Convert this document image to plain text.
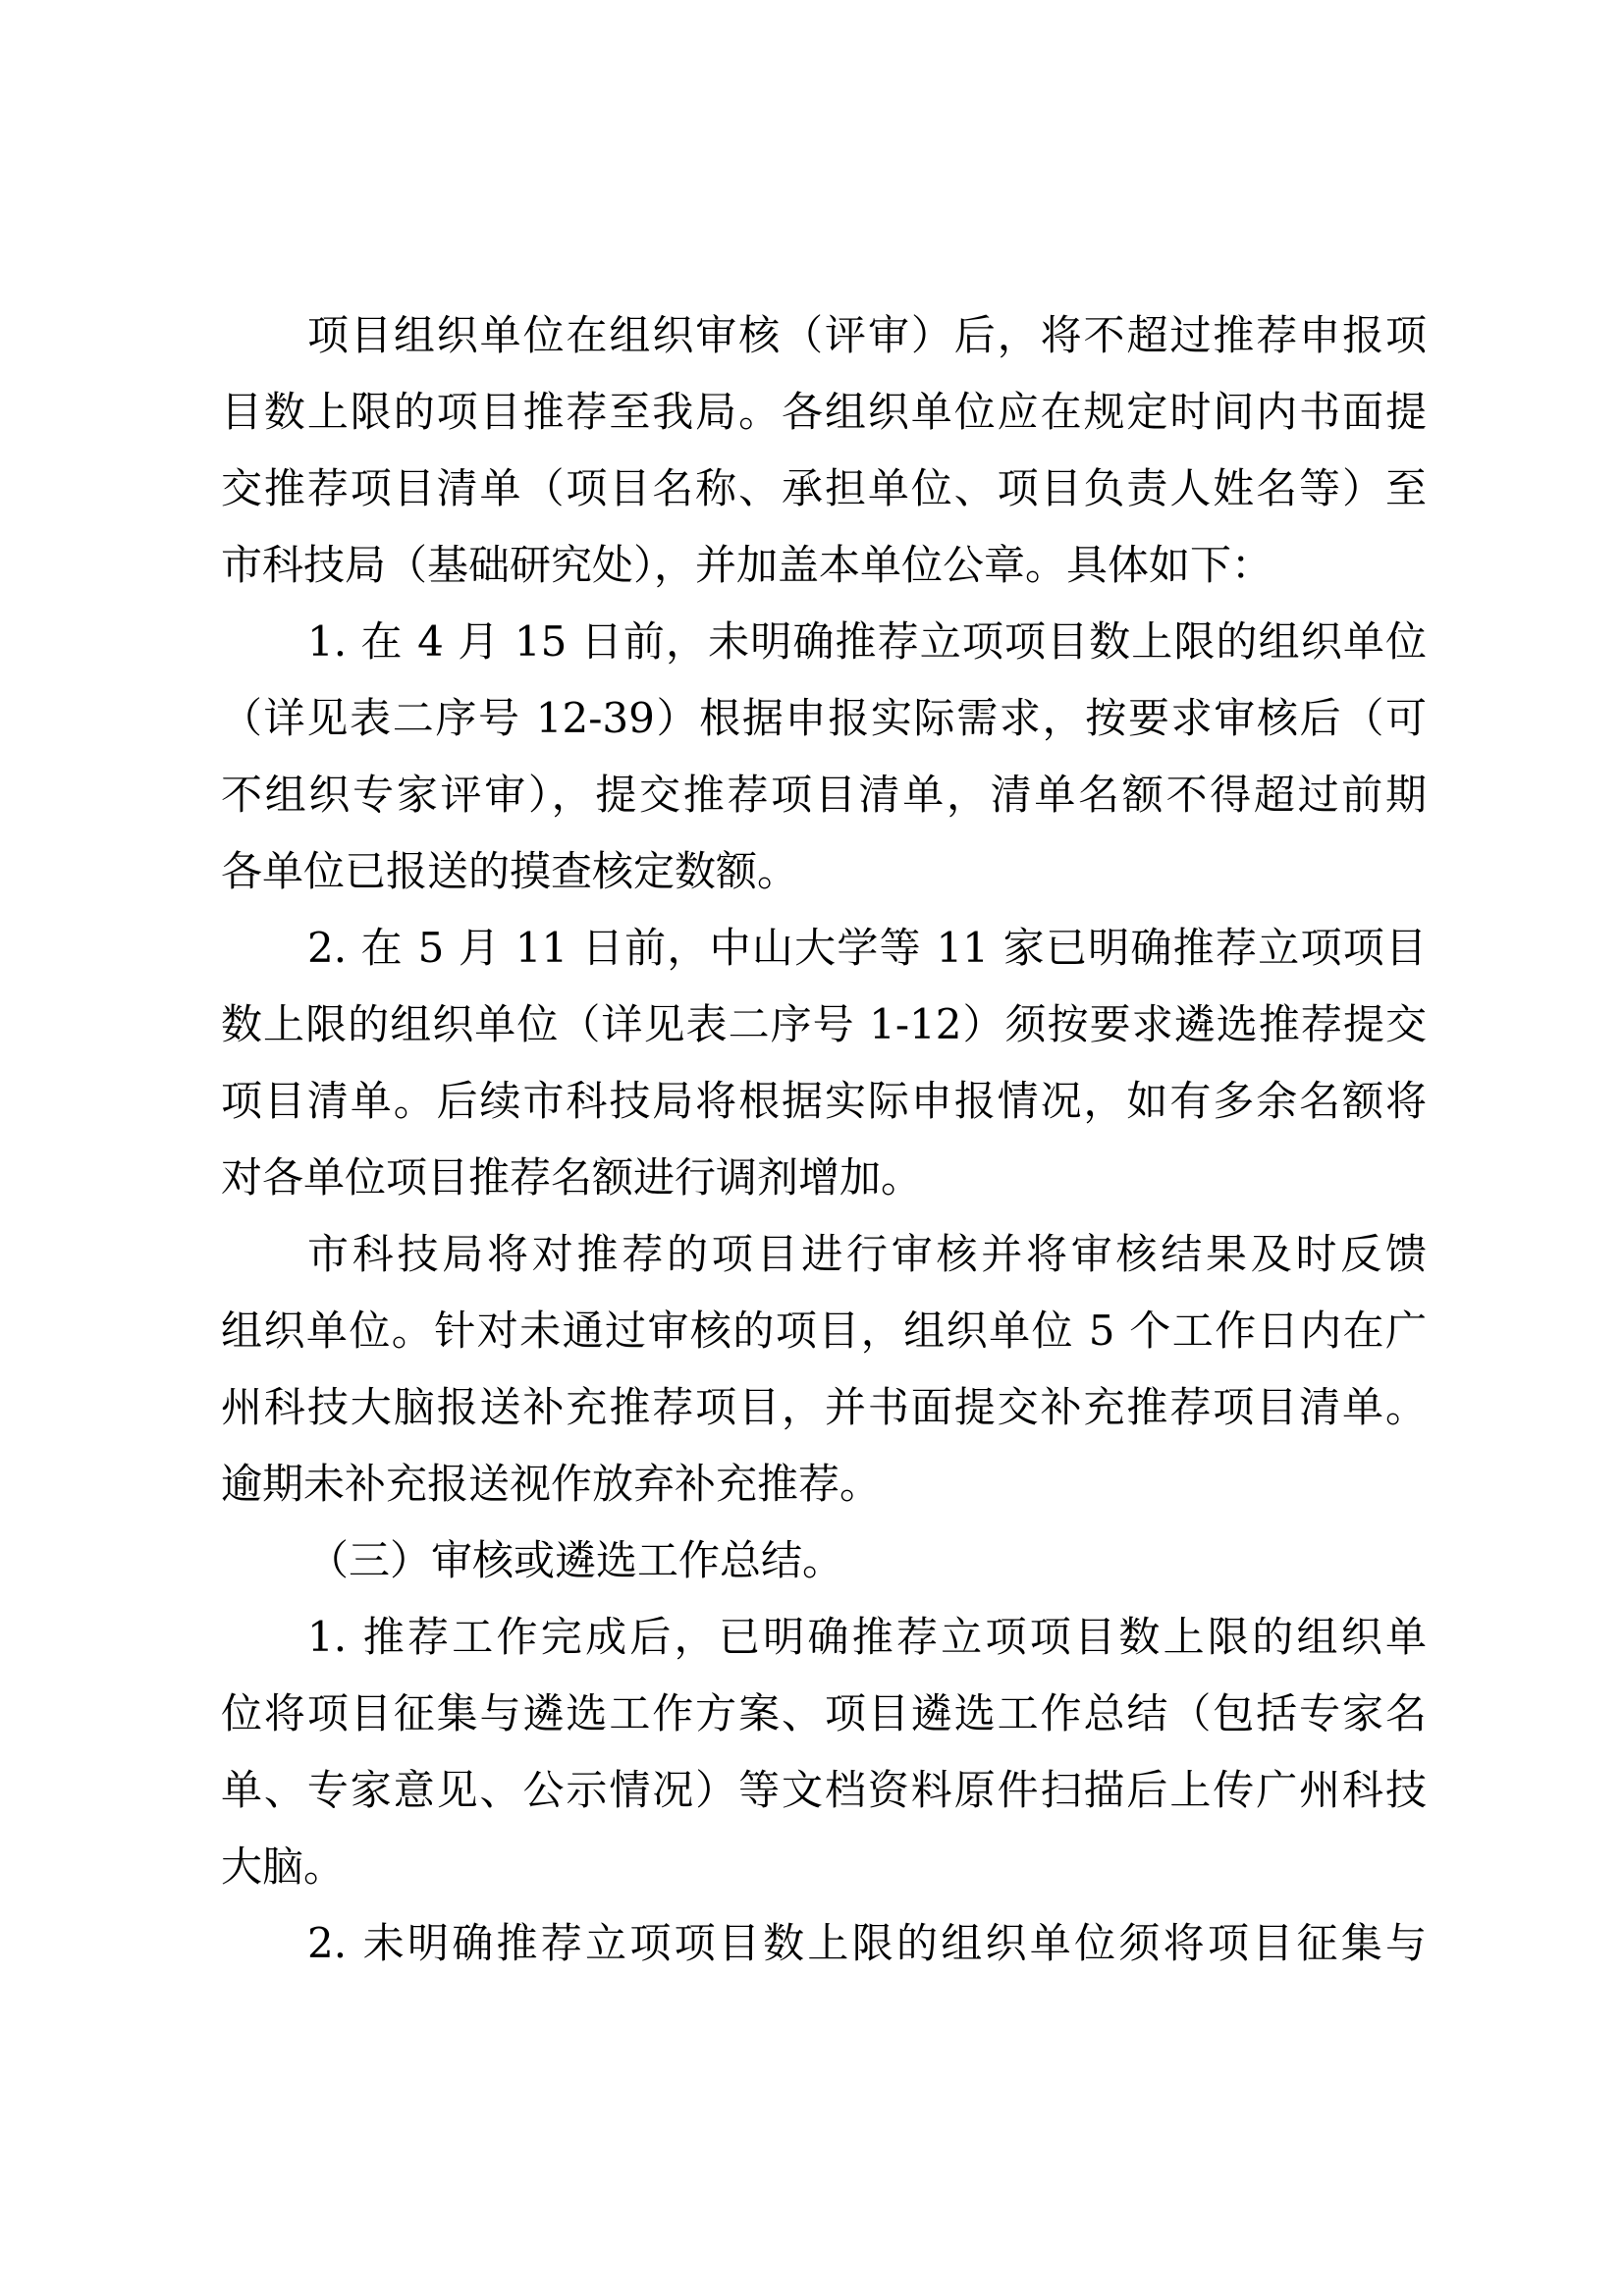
项目组织单位在组织审核（评审）后，将不超过推荐申报项
目数上限的项目推荐至我局。各组织单位应在规定时间内书面提
交推荐项目清单（项目名称、承担单位、项目负责人姓名等）至
市科技局（基础研究处），并加盖本单位公章。具体如下：
1. 在 4 月 15 日前，未明确推荐立项项目数上限的组织单位
（详见表二序号 12-39）根据申报实际需求，按要求审核后（可
不组织专家评审），提交推荐项目清单，清单名额不得超过前期
各单位已报送的摸查核定数额。
2. 在 5 月 11 日前，中山大学等 11 家已明确推荐立项项目
数上限的组织单位（详见表二序号 1-12）须按要求遴选推荐提交
项目清单。后续市科技局将根据实际申报情况，如有多余名额将
对各单位项目推荐名额进行调剂增加。
市科技局将对推荐的项目进行审核并将审核结果及时反馈
组织单位。针对未通过审核的项目，组织单位 5 个工作日内在广
州科技大脑报送补充推荐项目，并书面提交补充推荐项目清单。
逾期未补充报送视作放弃补充推荐。
（三）审核或遴选工作总结。
1. 推荐工作完成后，已明确推荐立项项目数上限的组织单
位将项目征集与遴选工作方案、项目遴选工作总结（包括专家名
单、专家意见、公示情况）等文档资料原件扫描后上传广州科技
大脑。
2. 未明确推荐立项项目数上限的组织单位须将项目征集与
